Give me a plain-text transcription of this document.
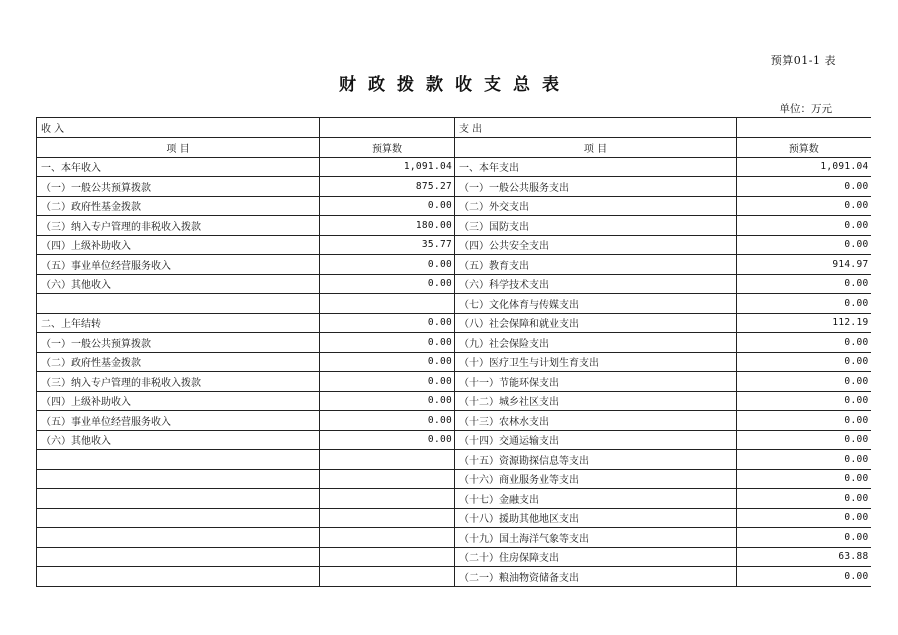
预算01-1 表
财政拨款收支总表
单位：万元
收 入		支 出	
项 目	预算数	项 目	预算数
一、本年收入	1,091.04	一、本年支出	1,091.04
（一）一般公共预算拨款	875.27	（一）一般公共服务支出	0.00
（二）政府性基金拨款	0.00	（二）外交支出	0.00
（三）纳入专户管理的非税收入拨款	180.00	（三）国防支出	0.00
（四）上级补助收入	35.77	（四）公共安全支出	0.00
（五）事业单位经营服务收入	0.00	（五）教育支出	914.97
（六）其他收入	0.00	（六）科学技术支出	0.00
		（七）文化体育与传媒支出	0.00
二、上年结转	0.00	（八）社会保障和就业支出	112.19
（一）一般公共预算拨款	0.00	（九）社会保险支出	0.00
（二）政府性基金拨款	0.00	（十）医疗卫生与计划生育支出	0.00
（三）纳入专户管理的非税收入拨款	0.00	（十一）节能环保支出	0.00
（四）上级补助收入	0.00	（十二）城乡社区支出	0.00
（五）事业单位经营服务收入	0.00	（十三）农林水支出	0.00
（六）其他收入	0.00	（十四）交通运输支出	0.00
		（十五）资源勘探信息等支出	0.00
		（十六）商业服务业等支出	0.00
		（十七）金融支出	0.00
		（十八）援助其他地区支出	0.00
		（十九）国土海洋气象等支出	0.00
		（二十）住房保障支出	63.88
		（二一）粮油物资储备支出	0.00
